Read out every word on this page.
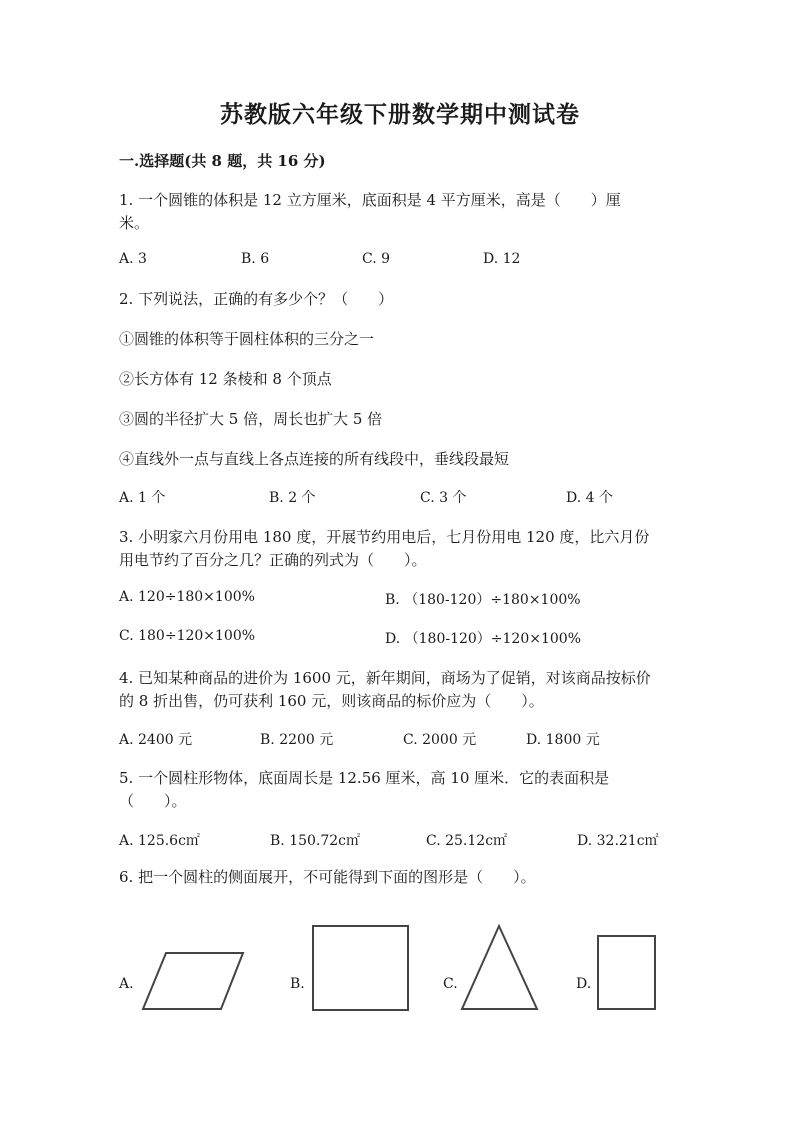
苏教版六年级下册数学期中测试卷
一.选择题(共 8 题，共 16 分)
1. 一个圆锥的体积是 12 立方厘米，底面积是 4 平方厘米，高是（　　）厘
米。
A. 3	B. 6	C. 9	D. 12
2. 下列说法，正确的有多少个？（　　）
①圆锥的体积等于圆柱体积的三分之一
②长方体有 12 条棱和 8 个顶点
③圆的半径扩大 5 倍，周长也扩大 5 倍
④直线外一点与直线上各点连接的所有线段中，垂线段最短
A. 1 个	B. 2 个	C. 3 个	D. 4 个
3. 小明家六月份用电 180 度，开展节约用电后，七月份用电 120 度，比六月份
用电节约了百分之几？正确的列式为（　　）。
A. 120÷180×100%	B. （180-120）÷180×100%
C. 180÷120×100%	D. （180-120）÷120×100%
4. 已知某种商品的进价为 1600 元，新年期间，商场为了促销，对该商品按标价
的 8 折出售，仍可获利 160 元，则该商品的标价应为（　　）。
A. 2400 元	B. 2200 元	C. 2000 元	D. 1800 元
5. 一个圆柱形物体，底面周长是 12.56 厘米，高 10 厘米．它的表面积是
（　　）。
A. 125.6c㎡	B. 150.72c㎡	C. 25.12c㎡	D. 32.21c㎡
6. 把一个圆柱的侧面展开，不可能得到下面的图形是（　　）。
A.	B.	C.	D.
